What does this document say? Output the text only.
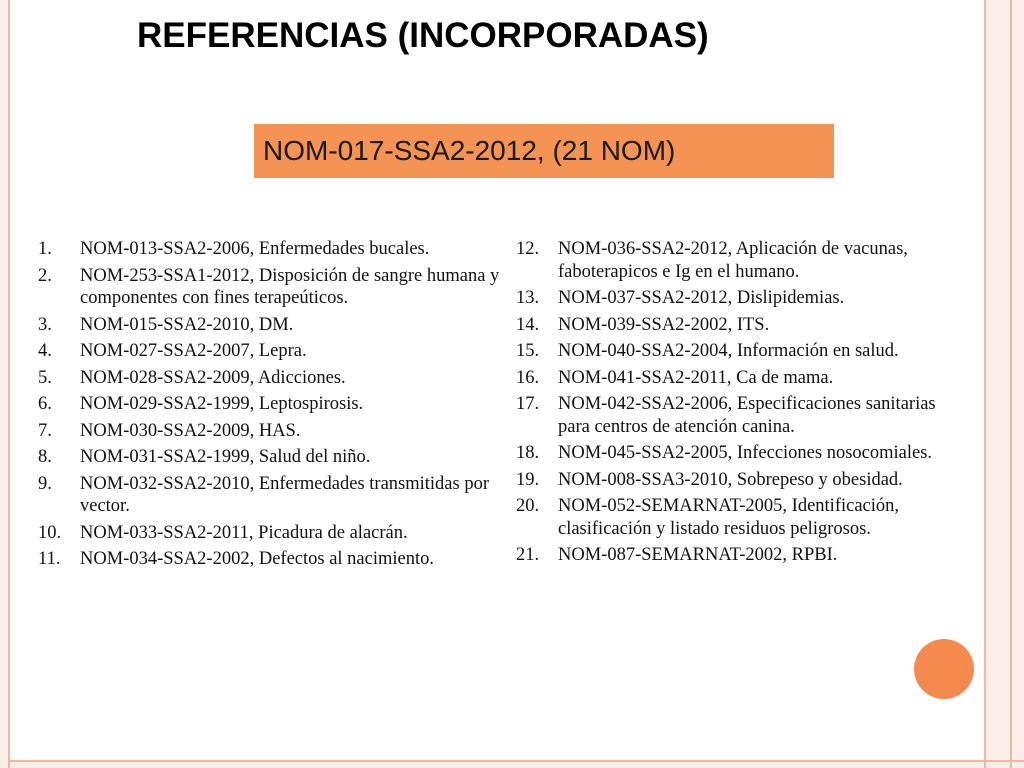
REFERENCIAS (INCORPORADAS)
NOM-017-SSA2-2012, (21 NOM)
1.	NOM-013-SSA2-2006, Enfermedades bucales.
2.	NOM-253-SSA1-2012, Disposición de sangre humana y componentes con fines terapeúticos.
3.	NOM-015-SSA2-2010, DM.
4.	NOM-027-SSA2-2007, Lepra.
5.	NOM-028-SSA2-2009, Adicciones.
6.	NOM-029-SSA2-1999, Leptospirosis.
7.	NOM-030-SSA2-2009, HAS.
8.	NOM-031-SSA2-1999, Salud del niño.
9.	NOM-032-SSA2-2010, Enfermedades transmitidas por vector.
10.	NOM-033-SSA2-2011, Picadura de alacrán.
11.	NOM-034-SSA2-2002, Defectos al nacimiento.
12.	NOM-036-SSA2-2012, Aplicación de vacunas, faboterapicos e Ig en el humano.
13.	NOM-037-SSA2-2012, Dislipidemias.
14.	NOM-039-SSA2-2002, ITS.
15.	NOM-040-SSA2-2004, Información en salud.
16.	NOM-041-SSA2-2011, Ca de mama.
17.	NOM-042-SSA2-2006, Especificaciones sanitarias para centros de atención canina.
18.	NOM-045-SSA2-2005, Infecciones nosocomiales.
19.	NOM-008-SSA3-2010, Sobrepeso y obesidad.
20.	NOM-052-SEMARNAT-2005, Identificación, clasificación y listado residuos peligrosos.
21.	NOM-087-SEMARNAT-2002, RPBI.
